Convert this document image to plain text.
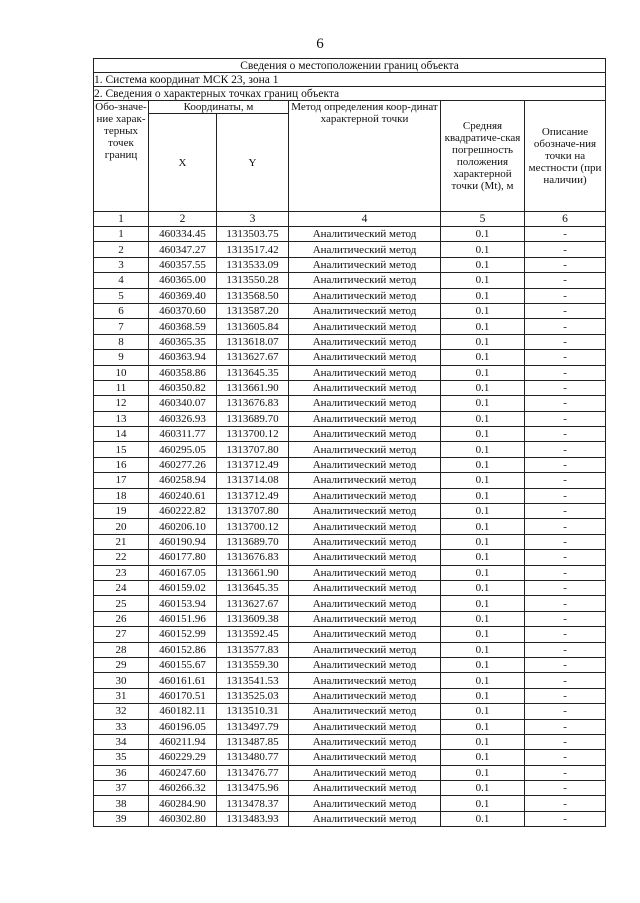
6
Сведения о местоположении границ объекта					
1. Система координат МСК 23, зона 1					
2. Сведения о характерных точках границ объекта					
Обо-значе-ние харак-терных точек границ	Координаты, м		Метод определения коор-динат характерной точки	Средняя квадратиче-ская погрешность положения характерной точки (Mt), м	Описание обозначе-ния точки на местности (при наличии)
	X	Y			
1	2	3	4	5	6
1	460334.45	1313503.75	Аналитический метод	0.1	-
2	460347.27	1313517.42	Аналитический метод	0.1	-
3	460357.55	1313533.09	Аналитический метод	0.1	-
4	460365.00	1313550.28	Аналитический метод	0.1	-
5	460369.40	1313568.50	Аналитический метод	0.1	-
6	460370.60	1313587.20	Аналитический метод	0.1	-
7	460368.59	1313605.84	Аналитический метод	0.1	-
8	460365.35	1313618.07	Аналитический метод	0.1	-
9	460363.94	1313627.67	Аналитический метод	0.1	-
10	460358.86	1313645.35	Аналитический метод	0.1	-
11	460350.82	1313661.90	Аналитический метод	0.1	-
12	460340.07	1313676.83	Аналитический метод	0.1	-
13	460326.93	1313689.70	Аналитический метод	0.1	-
14	460311.77	1313700.12	Аналитический метод	0.1	-
15	460295.05	1313707.80	Аналитический метод	0.1	-
16	460277.26	1313712.49	Аналитический метод	0.1	-
17	460258.94	1313714.08	Аналитический метод	0.1	-
18	460240.61	1313712.49	Аналитический метод	0.1	-
19	460222.82	1313707.80	Аналитический метод	0.1	-
20	460206.10	1313700.12	Аналитический метод	0.1	-
21	460190.94	1313689.70	Аналитический метод	0.1	-
22	460177.80	1313676.83	Аналитический метод	0.1	-
23	460167.05	1313661.90	Аналитический метод	0.1	-
24	460159.02	1313645.35	Аналитический метод	0.1	-
25	460153.94	1313627.67	Аналитический метод	0.1	-
26	460151.96	1313609.38	Аналитический метод	0.1	-
27	460152.99	1313592.45	Аналитический метод	0.1	-
28	460152.86	1313577.83	Аналитический метод	0.1	-
29	460155.67	1313559.30	Аналитический метод	0.1	-
30	460161.61	1313541.53	Аналитический метод	0.1	-
31	460170.51	1313525.03	Аналитический метод	0.1	-
32	460182.11	1313510.31	Аналитический метод	0.1	-
33	460196.05	1313497.79	Аналитический метод	0.1	-
34	460211.94	1313487.85	Аналитический метод	0.1	-
35	460229.29	1313480.77	Аналитический метод	0.1	-
36	460247.60	1313476.77	Аналитический метод	0.1	-
37	460266.32	1313475.96	Аналитический метод	0.1	-
38	460284.90	1313478.37	Аналитический метод	0.1	-
39	460302.80	1313483.93	Аналитический метод	0.1	-
